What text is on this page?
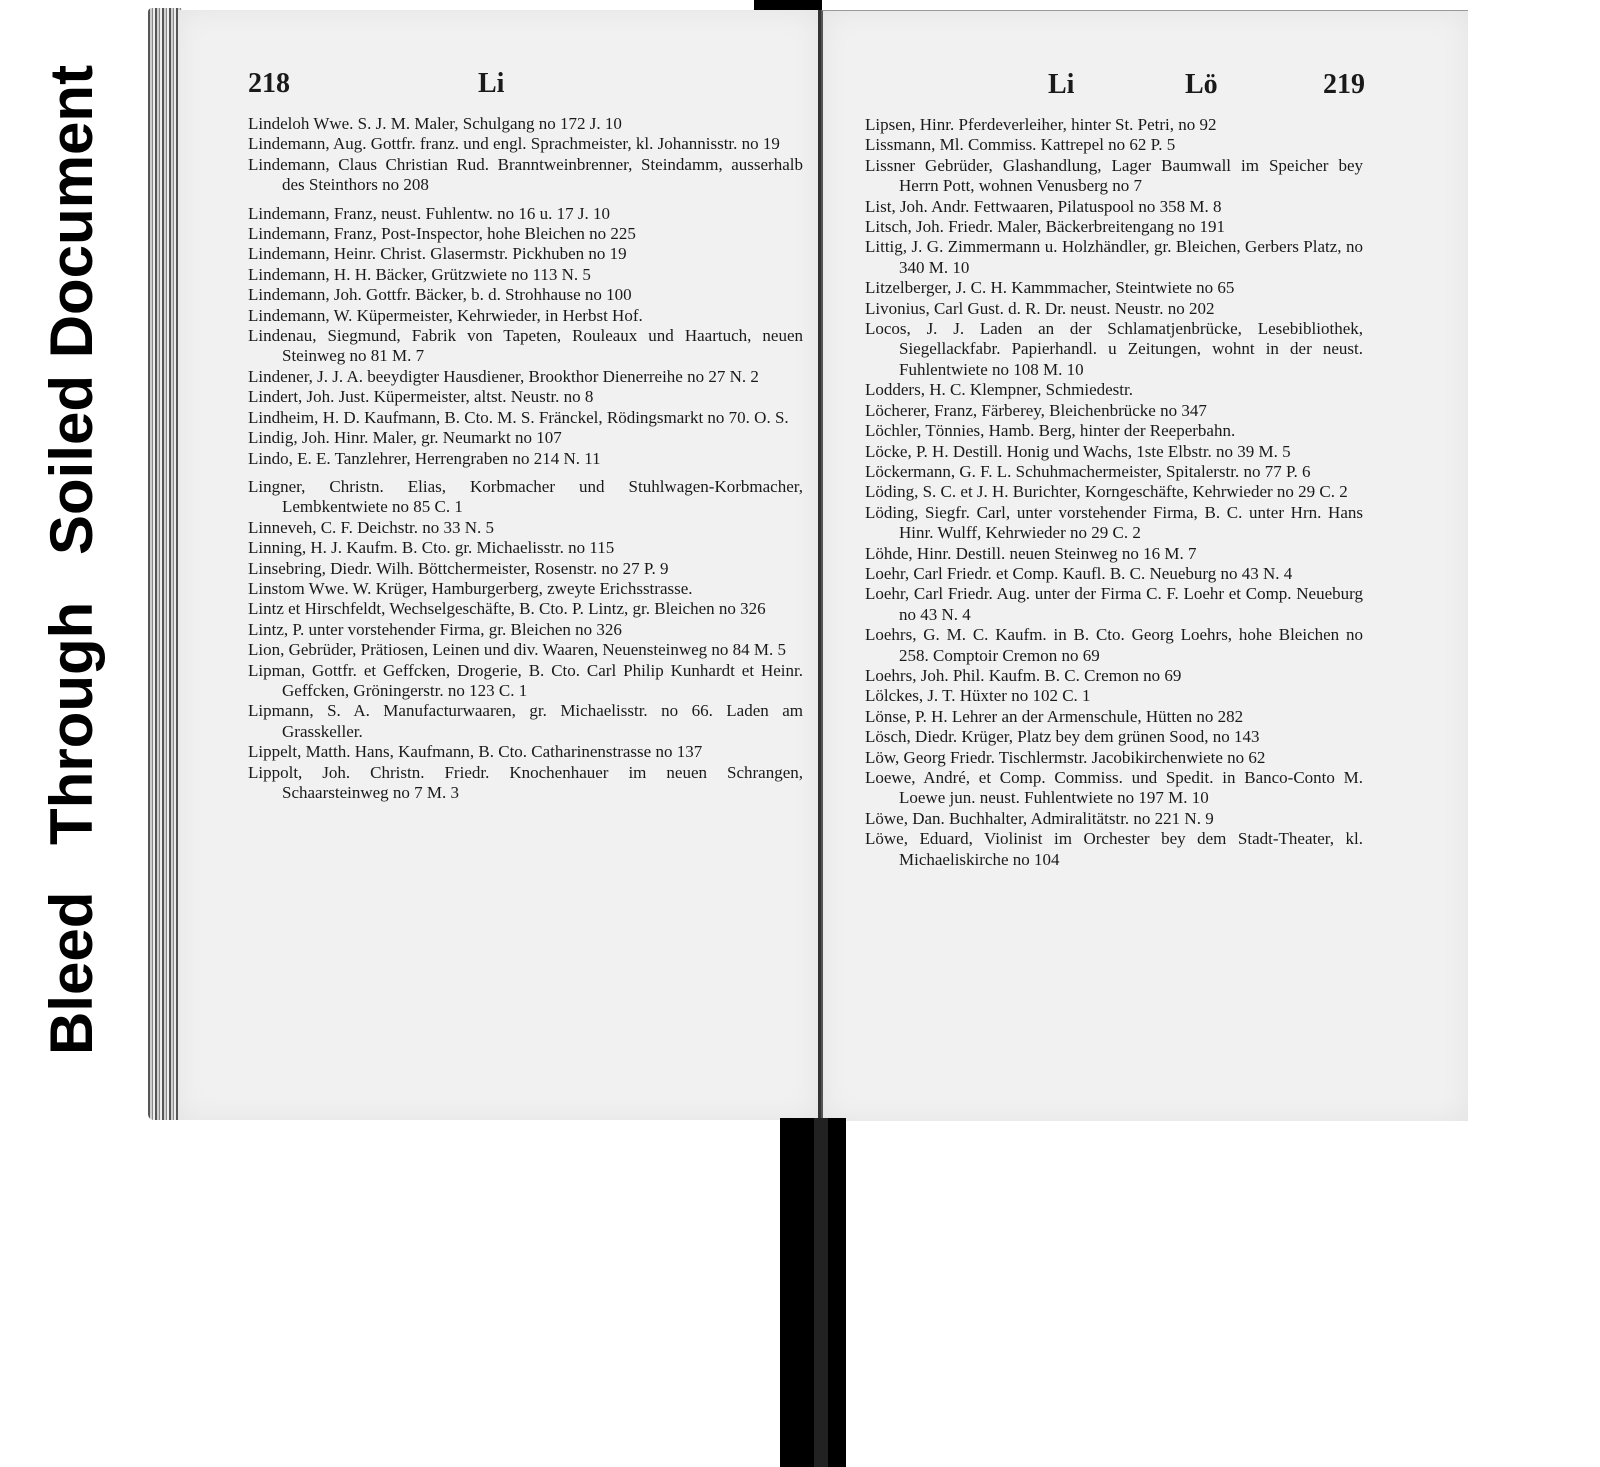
Bleed Through Soiled Document	218	Li

Lindeloh Wwe. S. J. M. Maler, Schulgang no 172 J. 10

Lindemann, Aug. Gottfr. franz. und engl. Sprachmeister, kl. Johannisstr. no 19

Lindemann, Claus Christian Rud. Branntweinbrenner, Steindamm, ausserhalb des Steinthors no 208

Lindemann, Franz, neust. Fuhlentw. no 16 u. 17 J. 10

Lindemann, Franz, Post-Inspector, hohe Bleichen no 225

Lindemann, Heinr. Christ. Glasermstr. Pickhuben no 19

Lindemann, H. H. Bäcker, Grützwiete no 113 N. 5

Lindemann, Joh. Gottfr. Bäcker, b. d. Strohhause no 100

Lindemann, W. Küpermeister, Kehrwieder, in Herbst Hof.

Lindenau, Siegmund, Fabrik von Tapeten, Rouleaux und Haartuch, neuen Steinweg no 81 M. 7

Lindener, J. J. A. beeydigter Hausdiener, Brookthor Dienerreihe no 27 N. 2

Lindert, Joh. Just. Küpermeister, altst. Neustr. no 8

Lindheim, H. D. Kaufmann, B. Cto. M. S. Fränckel, Rödingsmarkt no 70. O. S.

Lindig, Joh. Hinr. Maler, gr. Neumarkt no 107

Lindo, E. E. Tanzlehrer, Herrengraben no 214 N. 11

Lingner, Christn. Elias, Korbmacher und Stuhlwagen-Korbmacher, Lembkentwiete no 85 C. 1

Linneveh, C. F. Deichstr. no 33 N. 5

Linning, H. J. Kaufm. B. Cto. gr. Michaelisstr. no 115

Linsebring, Diedr. Wilh. Böttchermeister, Rosenstr. no 27 P. 9

Linstom Wwe. W. Krüger, Hamburgerberg, zweyte Erichsstrasse.

Lintz et Hirschfeldt, Wechselgeschäfte, B. Cto. P. Lintz, gr. Bleichen no 326

Lintz, P. unter vorstehender Firma, gr. Bleichen no 326

Lion, Gebrüder, Prätiosen, Leinen und div. Waaren, Neuensteinweg no 84 M. 5

Lipman, Gottfr. et Geffcken, Drogerie, B. Cto. Carl Philip Kunhardt et Heinr. Geffcken, Gröningerstr. no 123 C. 1

Lipmann, S. A. Manufacturwaaren, gr. Michaelisstr. no 66. Laden am Grasskeller.

Lippelt, Matth. Hans, Kaufmann, B. Cto. Catharinenstrasse no 137

Lippolt, Joh. Christn. Friedr. Knochenhauer im neuen Schrangen, Schaarsteinweg no 7 M. 3

Li	Lö	219

Lipsen, Hinr. Pferdeverleiher, hinter St. Petri, no 92

Lissmann, Ml. Commiss. Kattrepel no 62 P. 5

Lissner Gebrüder, Glashandlung, Lager Baumwall im Speicher bey Herrn Pott, wohnen Venusberg no 7

List, Joh. Andr. Fettwaaren, Pilatuspool no 358 M. 8

Litsch, Joh. Friedr. Maler, Bäckerbreitengang no 191

Littig, J. G. Zimmermann u. Holzhändler, gr. Bleichen, Gerbers Platz, no 340 M. 10

Litzelberger, J. C. H. Kammmacher, Steintwiete no 65

Livonius, Carl Gust. d. R. Dr. neust. Neustr. no 202

Locos, J. J. Laden an der Schlamatjenbrücke, Lesebibliothek, Siegellackfabr. Papierhandl. u Zeitungen, wohnt in der neust. Fuhlentwiete no 108 M. 10

Lodders, H. C. Klempner, Schmiedestr.

Löcherer, Franz, Färberey, Bleichenbrücke no 347

Löchler, Tönnies, Hamb. Berg, hinter der Reeperbahn.

Löcke, P. H. Destill. Honig und Wachs, 1ste Elbstr. no 39 M. 5

Löckermann, G. F. L. Schuhmachermeister, Spitalerstr. no 77 P. 6

Löding, S. C. et J. H. Burichter, Korngeschäfte, Kehrwieder no 29 C. 2

Löding, Siegfr. Carl, unter vorstehender Firma, B. C. unter Hrn. Hans Hinr. Wulff, Kehrwieder no 29 C. 2

Löhde, Hinr. Destill. neuen Steinweg no 16 M. 7

Loehr, Carl Friedr. et Comp. Kaufl. B. C. Neueburg no 43 N. 4

Loehr, Carl Friedr. Aug. unter der Firma C. F. Loehr et Comp. Neueburg no 43 N. 4

Loehrs, G. M. C. Kaufm. in B. Cto. Georg Loehrs, hohe Bleichen no 258. Comptoir Cremon no 69

Loehrs, Joh. Phil. Kaufm. B. C. Cremon no 69

Lölckes, J. T. Hüxter no 102 C. 1

Lönse, P. H. Lehrer an der Armenschule, Hütten no 282

Lösch, Diedr. Krüger, Platz bey dem grünen Sood, no 143

Löw, Georg Friedr. Tischlermstr. Jacobikirchenwiete no 62

Loewe, André, et Comp. Commiss. und Spedit. in Banco-Conto M. Loewe jun. neust. Fuhlentwiete no 197 M. 10

Löwe, Dan. Buchhalter, Admiralitätstr. no 221 N. 9

Löwe, Eduard, Violinist im Orchester bey dem Stadt-Theater, kl. Michaeliskirche no 104
